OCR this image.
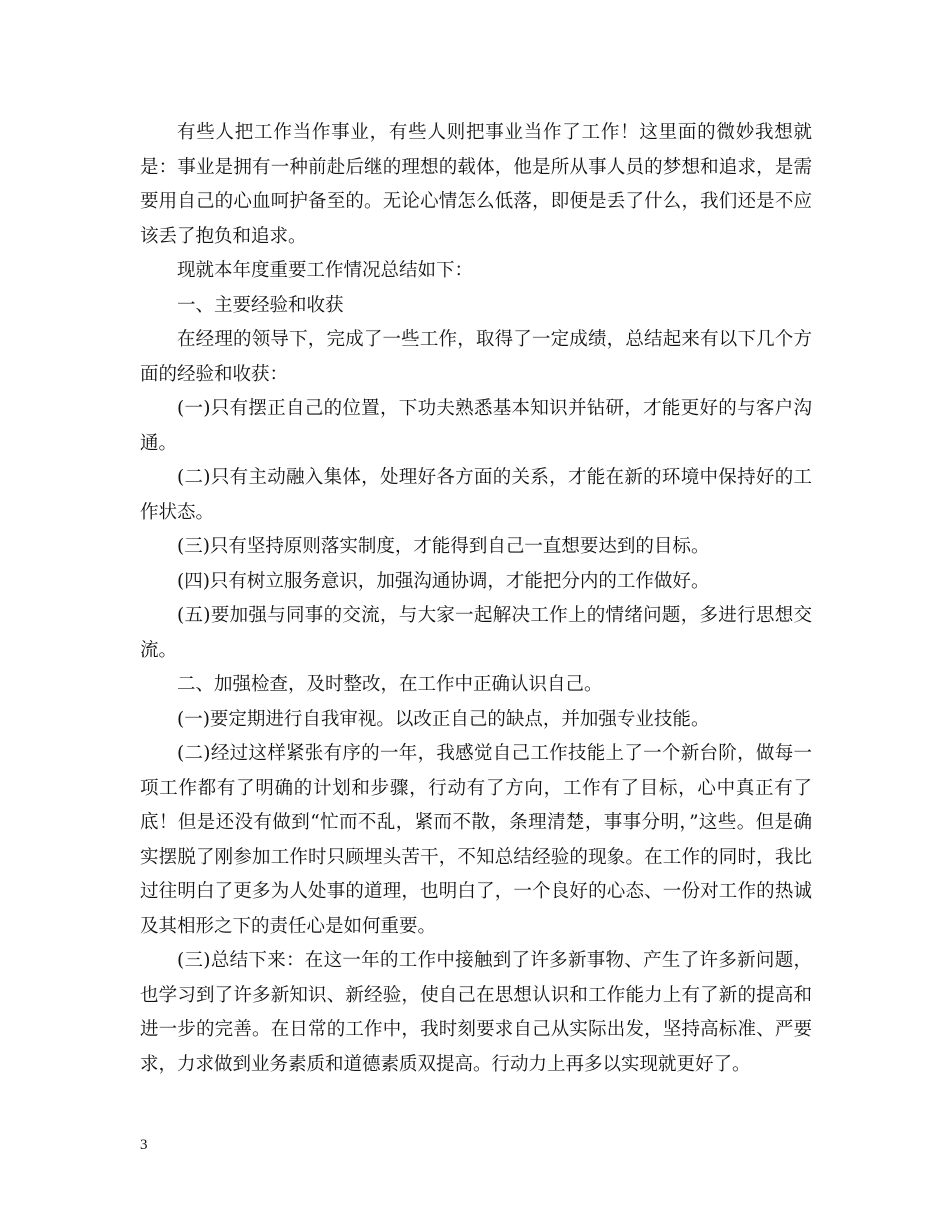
有些人把工作当作事业，有些人则把事业当作了工作！这里面的微妙我想就是：事业是拥有一种前赴后继的理想的载体，他是所从事人员的梦想和追求，是需要用自己的心血呵护备至的。无论心情怎么低落，即便是丢了什么，我们还是不应该丢了抱负和追求。

现就本年度重要工作情况总结如下：

一、主要经验和收获

在经理的领导下，完成了一些工作，取得了一定成绩，总结起来有以下几个方面的经验和收获：

(一)只有摆正自己的位置，下功夫熟悉基本知识并钻研，才能更好的与客户沟通。

(二)只有主动融入集体，处理好各方面的关系，才能在新的环境中保持好的工作状态。

(三)只有坚持原则落实制度，才能得到自己一直想要达到的目标。

(四)只有树立服务意识，加强沟通协调，才能把分内的工作做好。

(五)要加强与同事的交流，与大家一起解决工作上的情绪问题，多进行思想交流。

二、加强检查，及时整改，在工作中正确认识自己。

(一)要定期进行自我审视。以改正自己的缺点，并加强专业技能。

(二)经过这样紧张有序的一年，我感觉自己工作技能上了一个新台阶，做每一项工作都有了明确的计划和步骤，行动有了方向，工作有了目标，心中真正有了底！但是还没有做到“忙而不乱，紧而不散，条理清楚，事事分明，”这些。但是确实摆脱了刚参加工作时只顾埋头苦干，不知总结经验的现象。在工作的同时，我比过往明白了更多为人处事的道理，也明白了，一个良好的心态、一份对工作的热诚及其相形之下的责任心是如何重要。

(三)总结下来：在这一年的工作中接触到了许多新事物、产生了许多新问题，也学习到了许多新知识、新经验，使自己在思想认识和工作能力上有了新的提高和进一步的完善。在日常的工作中，我时刻要求自己从实际出发，坚持高标准、严要求，力求做到业务素质和道德素质双提高。行动力上再多以实现就更好了。

3
